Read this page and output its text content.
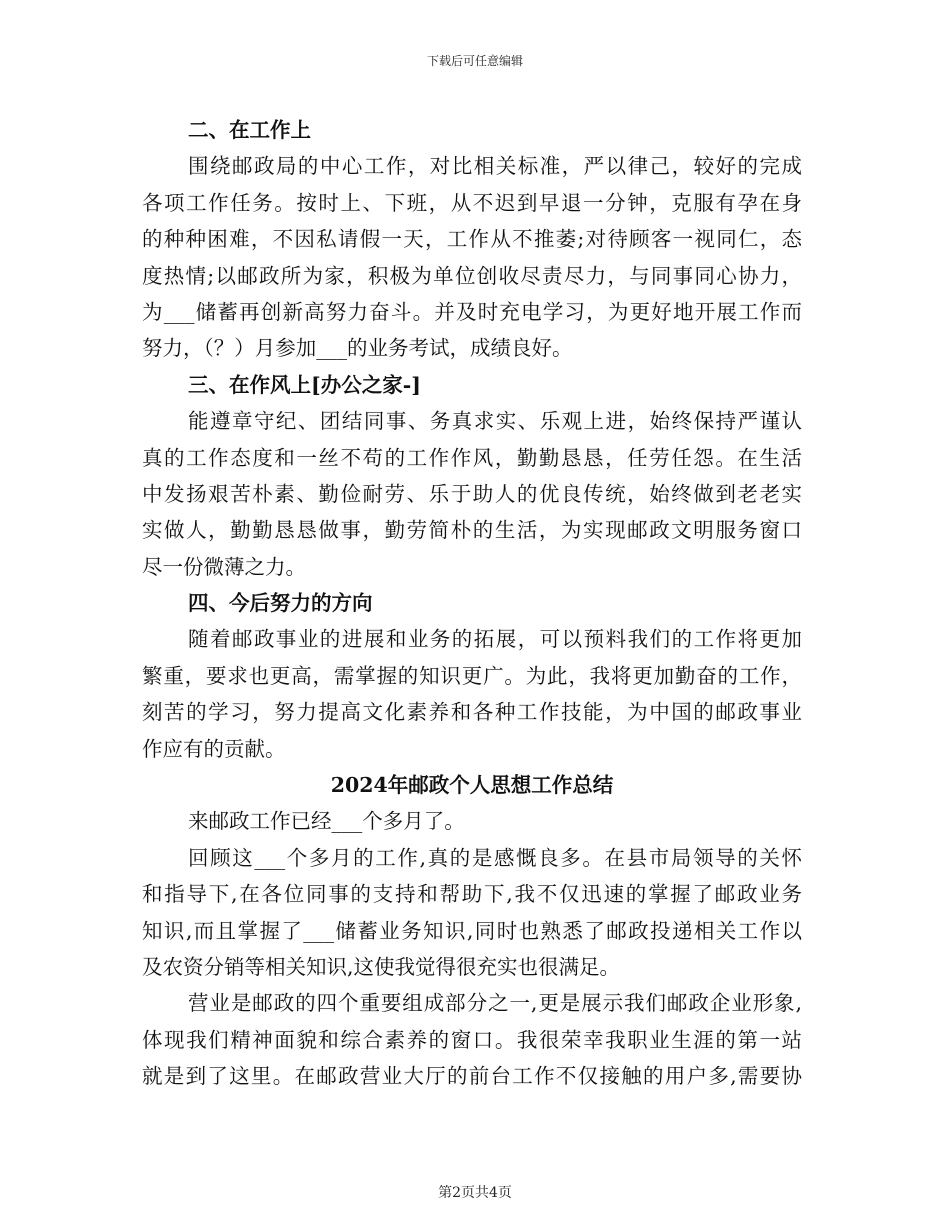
下载后可任意编辑
二、在工作上
围绕邮政局的中心工作，对比相关标准，严以律己，较好的完成
各项工作任务。按时上、下班，从不迟到早退一分钟，克服有孕在身
的种种困难，不因私请假一天，工作从不推萎;对待顾客一视同仁，态
度热情;以邮政所为家，积极为单位创收尽责尽力，与同事同心协力，
为___储蓄再创新高努力奋斗。并及时充电学习，为更好地开展工作而
努力，（？）月参加___的业务考试，成绩良好。
三、在作风上[办公之家-]
能遵章守纪、团结同事、务真求实、乐观上进，始终保持严谨认
真的工作态度和一丝不苟的工作作风，勤勤恳恳，任劳任怨。在生活
中发扬艰苦朴素、勤俭耐劳、乐于助人的优良传统，始终做到老老实
实做人，勤勤恳恳做事，勤劳简朴的生活，为实现邮政文明服务窗口
尽一份微薄之力。
四、今后努力的方向
随着邮政事业的进展和业务的拓展，可以预料我们的工作将更加
繁重，要求也更高，需掌握的知识更广。为此，我将更加勤奋的工作，
刻苦的学习，努力提高文化素养和各种工作技能，为中国的邮政事业
作应有的贡献。
2024年邮政个人思想工作总结
来邮政工作已经___个多月了。
回顾这___个多月的工作,真的是感慨良多。在县市局领导的关怀
和指导下,在各位同事的支持和帮助下,我不仅迅速的掌握了邮政业务
知识,而且掌握了___储蓄业务知识,同时也熟悉了邮政投递相关工作以
及农资分销等相关知识,这使我觉得很充实也很满足。
营业是邮政的四个重要组成部分之一,更是展示我们邮政企业形象,
体现我们精神面貌和综合素养的窗口。我很荣幸我职业生涯的第一站
就是到了这里。在邮政营业大厅的前台工作不仅接触的用户多,需要协
第2页共4页
